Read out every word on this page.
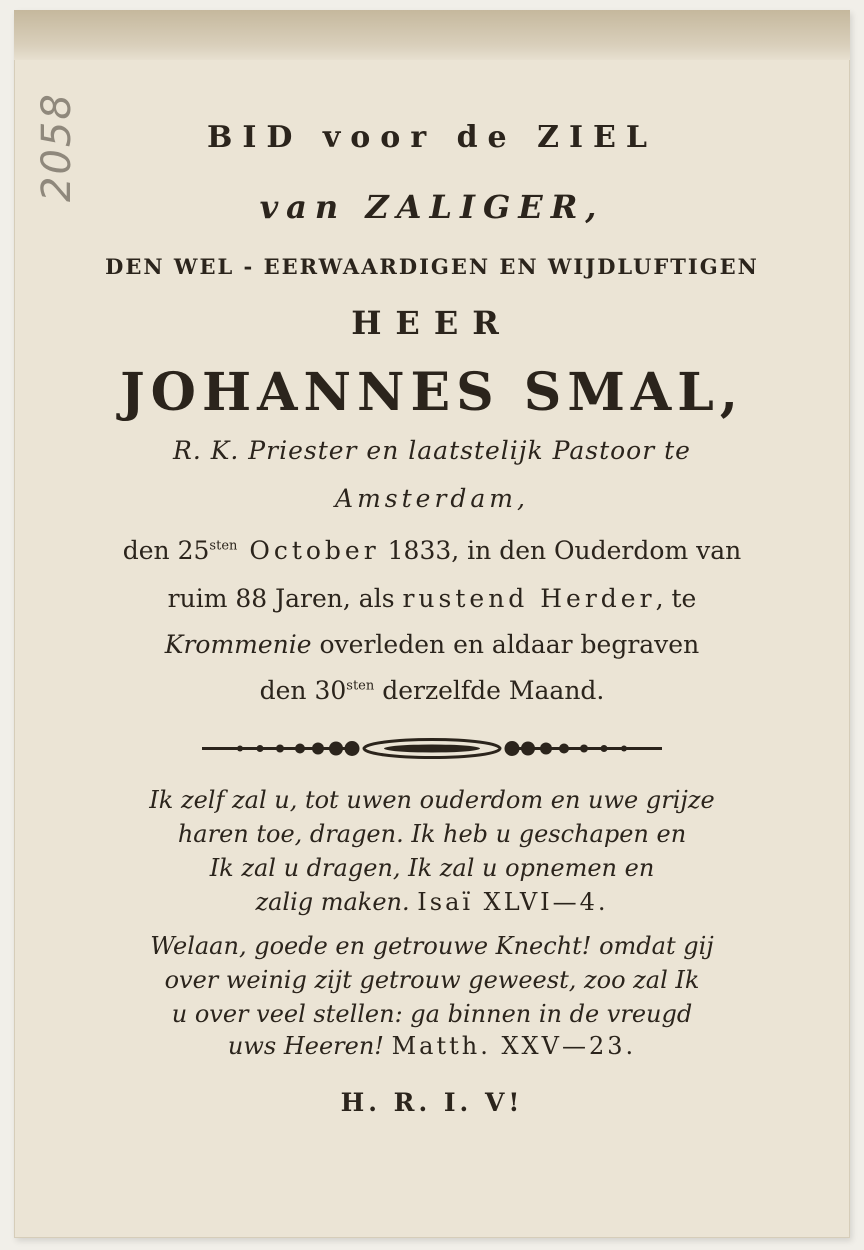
2058	BID voor de ZIEL
van ZALIGER,
DEN WEL - EERWAARDIGEN EN WIJDLUFTIGEN
HEER
JOHANNES SMAL,
R. K. Priester en laatstelijk Pastoor te
Amsterdam,
den $25^{sten}$ October 1833, in den Ouderdom van
ruim 88 Jaren, als rustend Herder, te
Krommenie overleden en aldaar begraven
den $30^{sten}$ derzelfde Maand.
Ik zelf zal u, tot uwen ouderdom en uwe grijze
haren toe, dragen. Ik heb u geschapen en
Ik zal u dragen, Ik zal u opnemen en
zalig maken. Isaï XLVI—4.
Welaan, goede en getrouwe Knecht! omdat gij
over weinig zijt getrouw geweest, zoo zal Ik
u over veel stellen: ga binnen in de vreugd
uws Heeren! Matth. XXV—23.
H. R. I. V!
